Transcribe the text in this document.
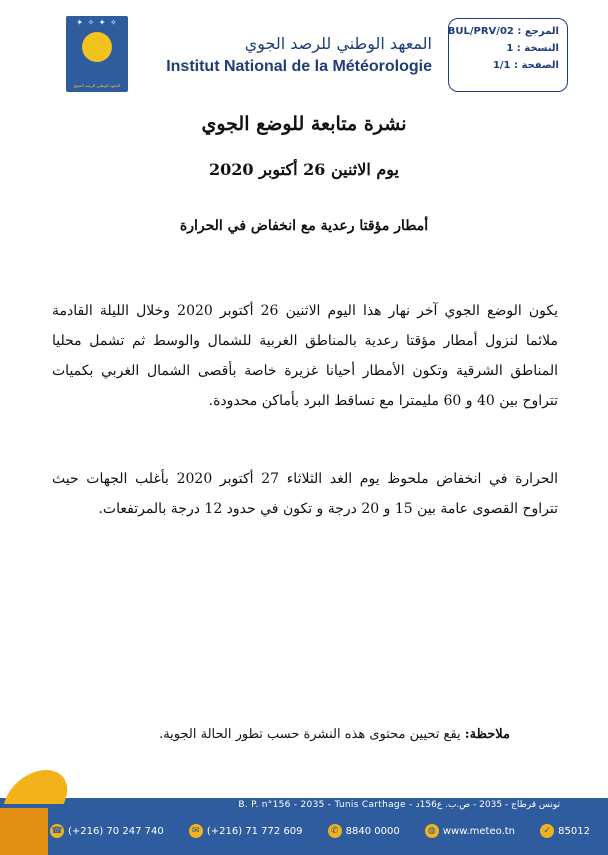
✦ ✧ ✦ ✧
المعهد الوطني للرصد الجوي
المعهد الوطني للرصد الجوي
Institut National de la Météorologie
المرجع : BUL/PRV/02
النسخة : 1
الصفحة : 1/1
نشرة متابعة للوضع الجوي
يوم الاثنين 26 أكتوبر 2020
أمطار مؤقتا رعدية مع انخفاض في الحرارة
يكون الوضع الجوي آخر نهار هذا اليوم الاثنين 26 أكتوبر 2020 وخلال الليلة القادمة ملائما لنزول أمطار مؤقتا رعدية بالمناطق الغربية للشمال والوسط ثم تشمل محليا المناطق الشرقية وتكون الأمطار أحيانا غزيرة خاصة بأقصى الشمال الغربي بكميات تتراوح بين 40 و 60 مليمترا مع تساقط البرد بأماكن محدودة.
الحرارة في انخفاض ملحوظ يوم الغد الثلاثاء 27 أكتوبر 2020 بأغلب الجهات حيث تتراوح القصوى عامة بين 15 و 20 درجة و تكون في حدود 12 درجة بالمرتفعات.
ملاحظة: يقع تحيين محتوى هذه النشرة حسب تطور الحالة الجوية.
B. P. n°156 - 2035 - Tunis Carthage - تونس قرطاج - 2035 - ص.ب. ع156د
☎ (+216) 70 247 740	✉ (+216) 71 772 609	✆ 8840 0000	◍ www.meteo.tn	✓ 85012
